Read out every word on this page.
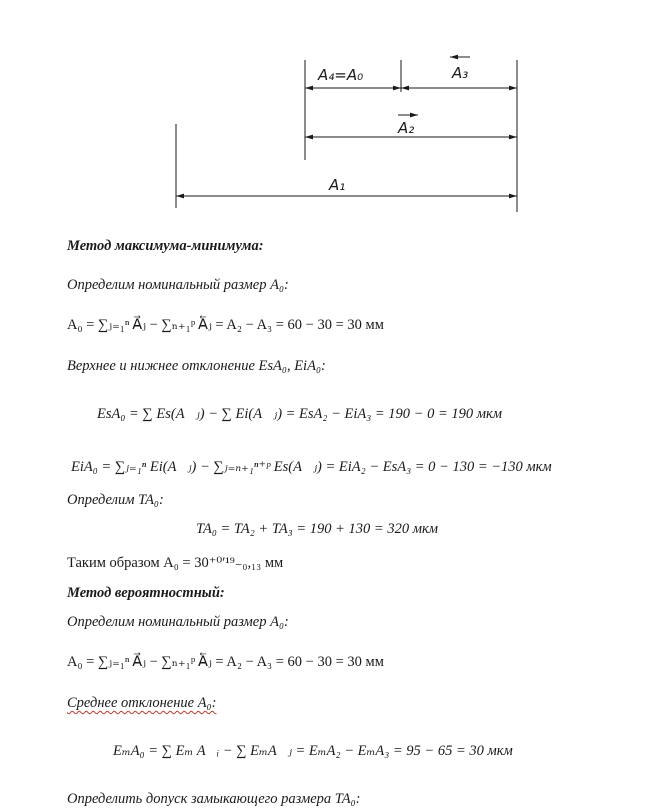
A₄=A₀	A₃
A₂
A₁
Метод максимума-минимума:
Определим номинальный размер A₀:
A₀ = ∑ⱼ₌₁ⁿ A⃗ⱼ − ∑ₙ₊₁ᵖ A⃖ⱼ = A₂ − A₃ = 60 − 30 = 30 мм
Верхнее и нижнее отклонение EsA₀, EiA₀:
EsA₀ = ∑ Es(A⃗ⱼ) − ∑ Ei(A⃖ⱼ) = EsA₂ − EiA₃ = 190 − 0 = 190 мкм
EiA₀ = ∑ⱼ₌₁ⁿ Ei(A⃗ⱼ) − ∑ⱼ₌ₙ₊₁ⁿ⁺ᵖ Es(A⃖ⱼ) = EiA₂ − EsA₃ = 0 − 130 = −130 мкм
Определим TA₀:
TA₀ = TA₂ + TA₃ = 190 + 130 = 320 мкм
Таким образом A₀ = 30⁺⁰ʹ¹⁹₋₀,₁₃ мм
Метод вероятностный:
Определим номинальный размер A₀:
A₀ = ∑ⱼ₌₁ⁿ A⃗ⱼ − ∑ₙ₊₁ᵖ A⃖ⱼ = A₂ − A₃ = 60 − 30 = 30 мм
Среднее отклонение A₀:
EₘA₀ = ∑ Eₘ A⃗ᵢ − ∑ EₘA⃖ⱼ = EₘA₂ − EₘA₃ = 95 − 65 = 30 мкм
Определить допуск замыкающего размера TA₀:
